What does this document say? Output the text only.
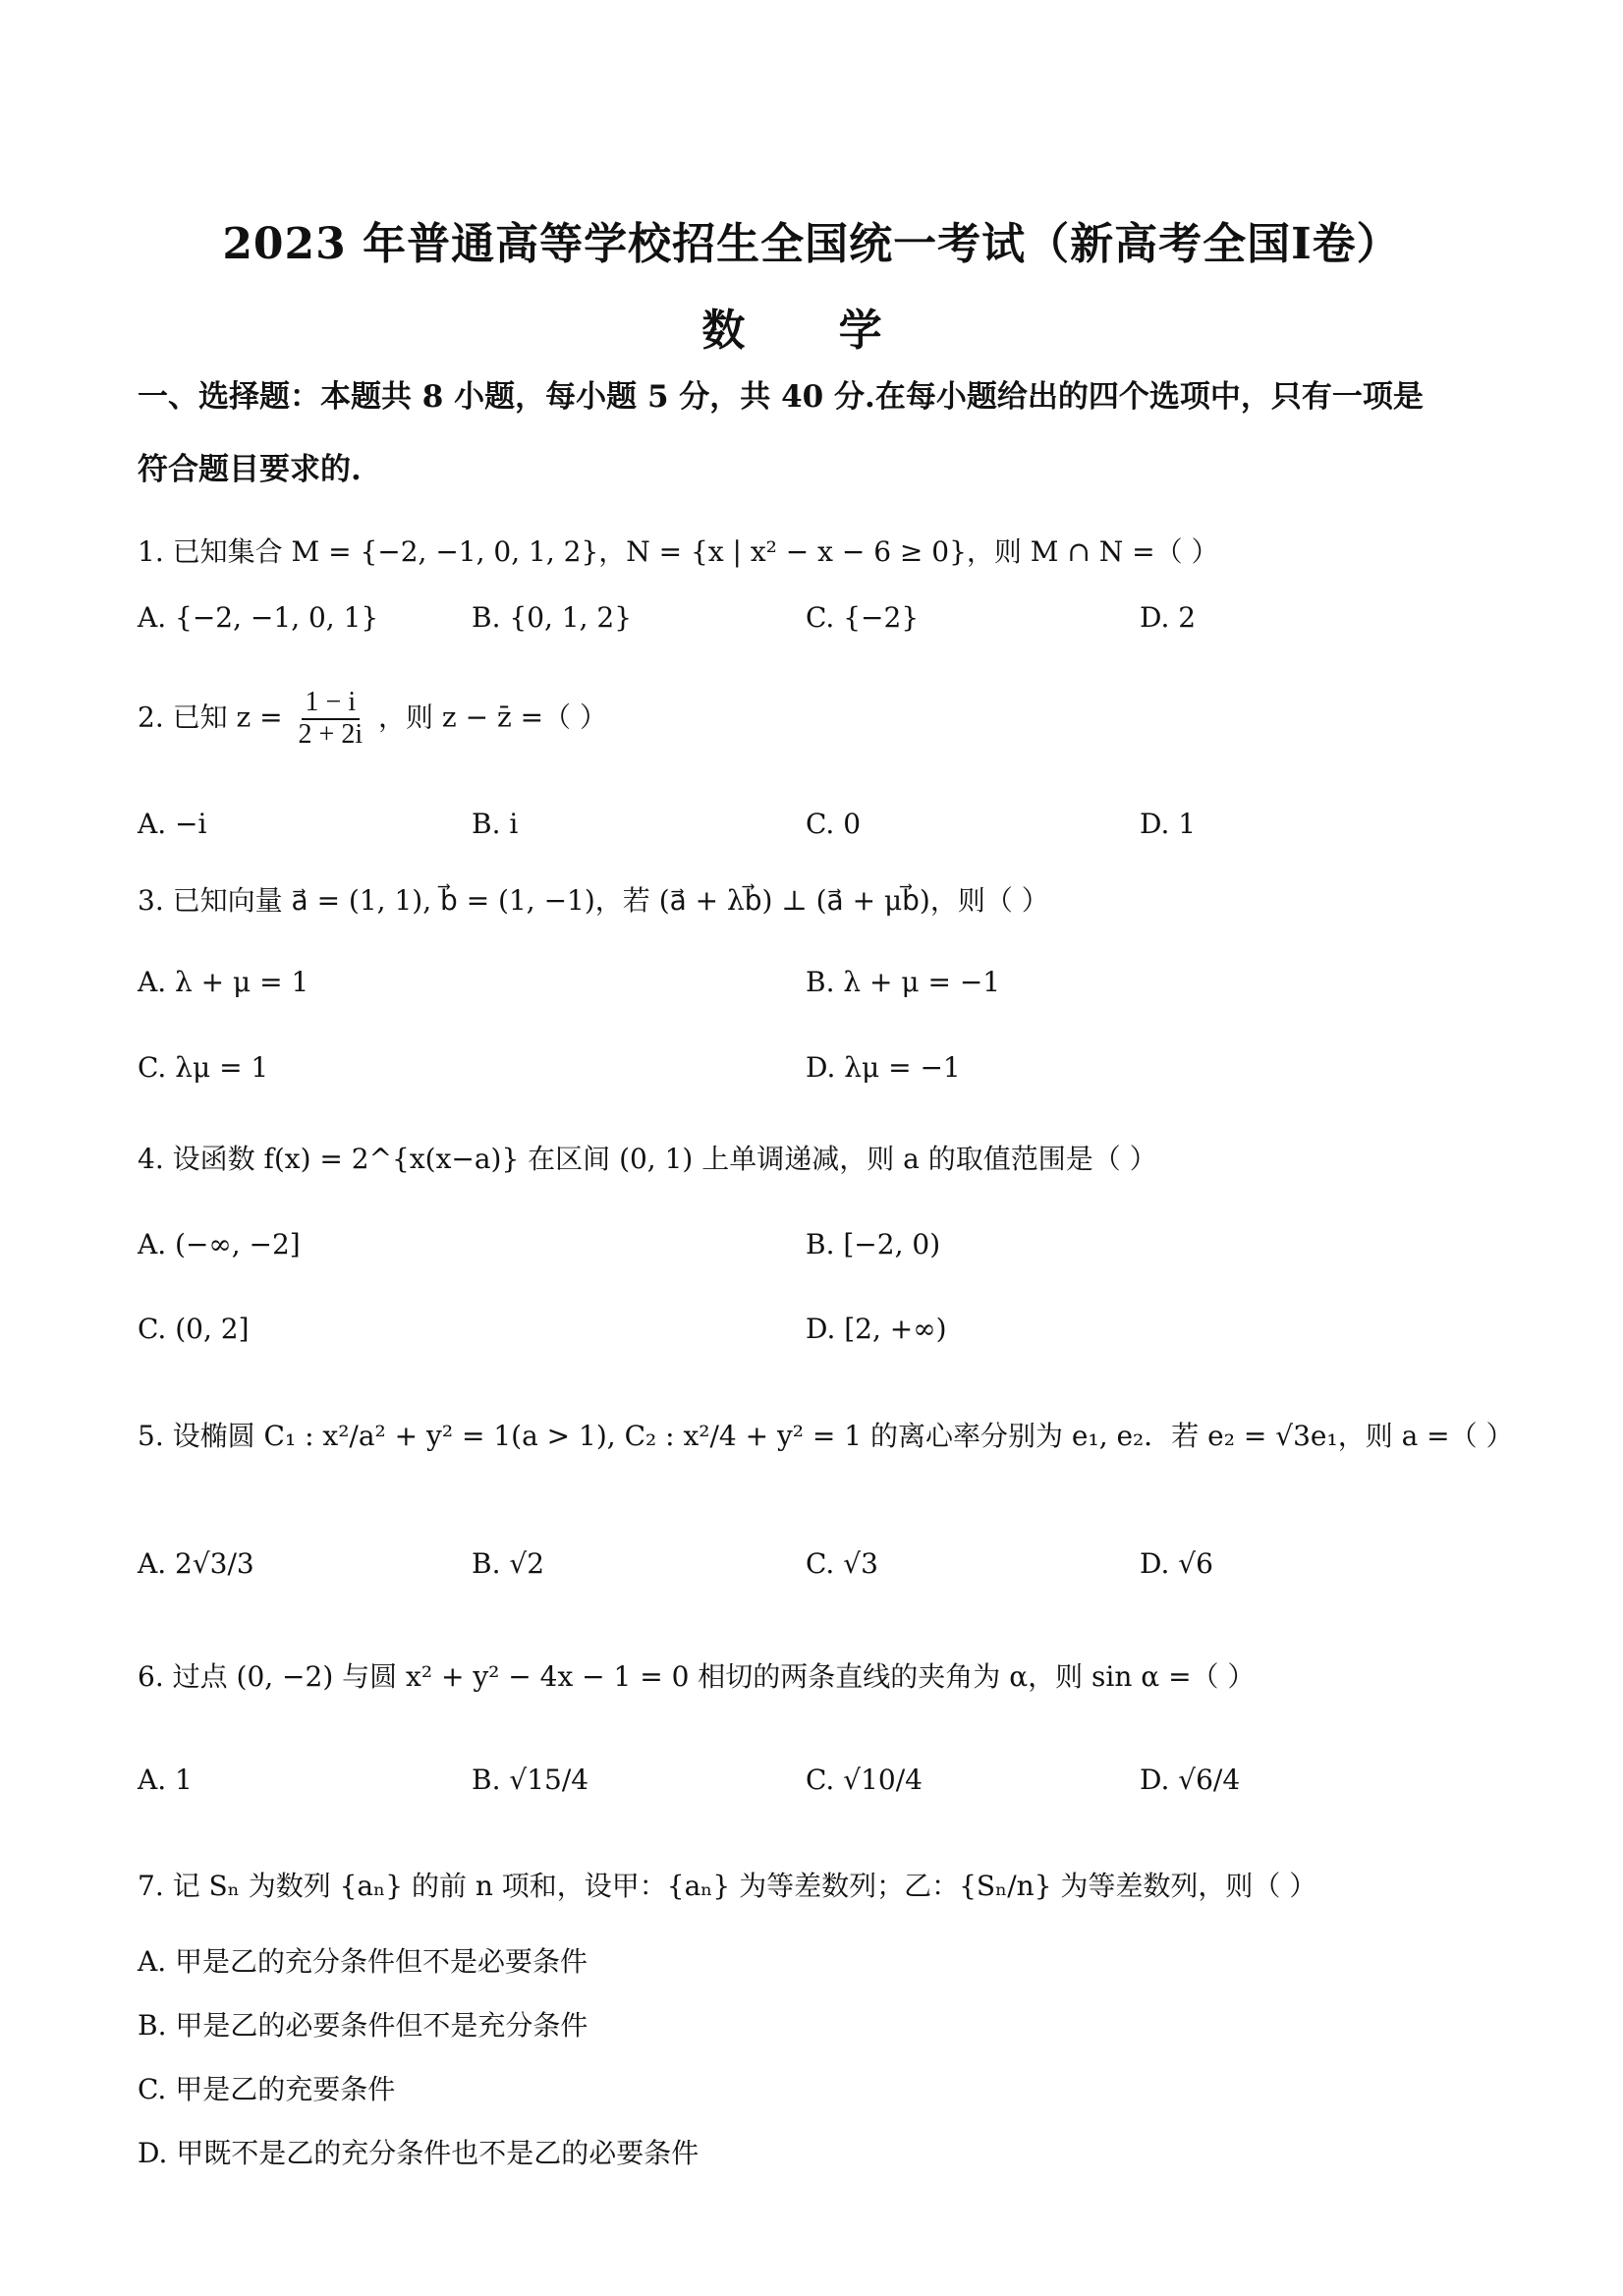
2023 年普通高等学校招生全国统一考试（新高考全国Ⅰ卷）
数 学
一、选择题：本题共 8 小题，每小题 5 分，共 40 分.在每小题给出的四个选项中，只有一项是
符合题目要求的.
1. 已知集合 M = {−2, −1, 0, 1, 2}，N = {x | x² − x − 6 ≥ 0}，则 M ∩ N =（ ）
A. {−2, −1, 0, 1}	B. {0, 1, 2}	C. {−2}	D. 2
2. 已知 $z = \frac{1 - i}{2 + 2i}$ ，则 z − z̄ =（ ）
A. −i	B. i	C. 0	D. 1
3. 已知向量 a⃗ = (1, 1), b⃗ = (1, −1)，若 (a⃗ + λb⃗) ⊥ (a⃗ + μb⃗)，则（ ）
A. λ + μ = 1	B. λ + μ = −1
C. λμ = 1	D. λμ = −1
4. 设函数 f(x) = 2^{x(x−a)} 在区间 (0, 1) 上单调递减，则 a 的取值范围是（ ）
A. (−∞, −2]	B. [−2, 0)
C. (0, 2]	D. [2, +∞)
5. 设椭圆 C₁ : x²/a² + y² = 1(a > 1), C₂ : x²/4 + y² = 1 的离心率分别为 e₁, e₂．若 e₂ = √3e₁，则 a =（ ）
A. 2√3/3	B. √2	C. √3	D. √6
6. 过点 (0, −2) 与圆 x² + y² − 4x − 1 = 0 相切的两条直线的夹角为 α，则 sin α =（ ）
A. 1	B. √15/4	C. √10/4	D. √6/4
7. 记 Sₙ 为数列 {aₙ} 的前 n 项和，设甲：{aₙ} 为等差数列；乙：{Sₙ/n} 为等差数列，则（ ）
A. 甲是乙的充分条件但不是必要条件
B. 甲是乙的必要条件但不是充分条件
C. 甲是乙的充要条件
D. 甲既不是乙的充分条件也不是乙的必要条件
